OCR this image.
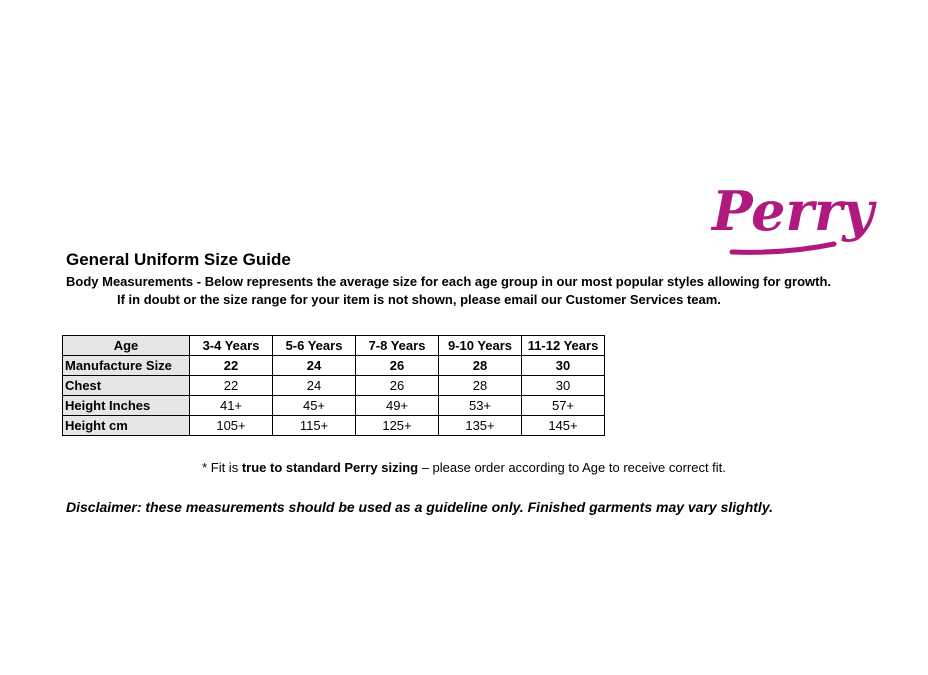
Perry
General Uniform Size Guide
Body Measurements - Below represents the average size for each age group in our most popular styles allowing for growth.
If in doubt or the size range for your item is not shown, please email our Customer Services team.
Age	3-4 Years	5-6 Years	7-8 Years	9-10 Years	11-12 Years
Manufacture Size	22	24	26	28	30
Chest	22	24	26	28	30
Height Inches	41+	45+	49+	53+	57+
Height cm	105+	115+	125+	135+	145+
* Fit is true to standard Perry sizing – please order according to Age to receive correct fit.
Disclaimer: these measurements should be used as a guideline only. Finished garments may vary slightly.
